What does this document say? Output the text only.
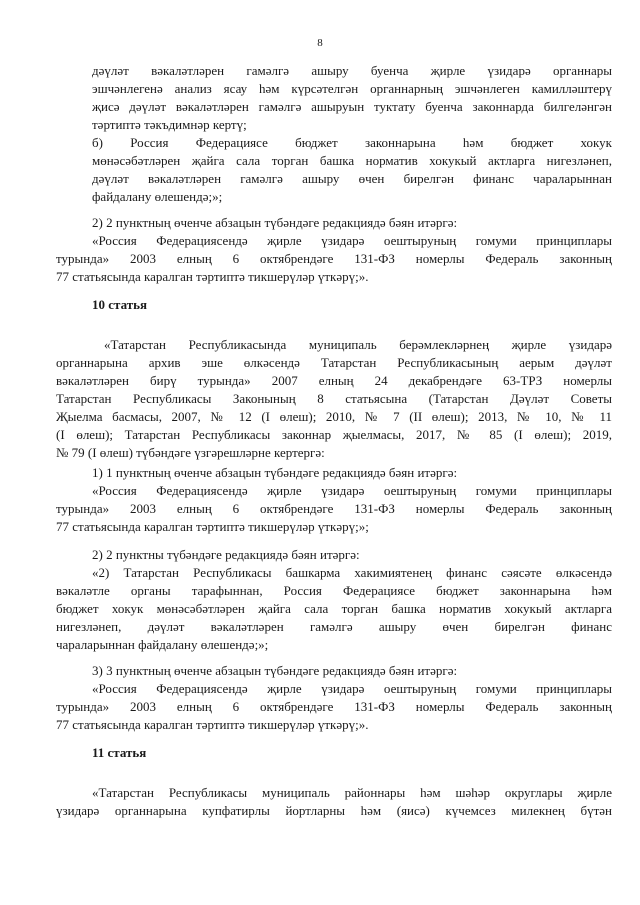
8
дәүләт вәкаләтләрен гамәлгә ашыру буенча җирле үзидарә органнары
эшчәнлегенә анализ ясау һәм күрсәтелгән органнарның эшчәнлеген камилләштерү
җисә дәүләт вәкаләтләрен гамәлгә ашыруын туктату буенча законнарда билгеләнгән
тәртиптә тәкъдимнәр кертү;
б) Россия Федерациясе бюджет законнарына һәм бюджет хокук
мөнәсәбәтләрен җайга сала торган башка норматив хокукый актларга нигезләнеп,
дәүләт вәкаләтләрен гамәлгә ашыру өчен бирелгән финанс чараларыннан
файдалану өлешендә;»;
2) 2 пунктның өченче абзацын түбәндәге редакциядә бәян итәргә:
«Россия Федерациясендә җирле үзидарә оештыруның гомуми принциплары
турында» 2003 елның 6 октябрендәге 131-ФЗ номерлы Федераль законның
77 статьясында каралган тәртиптә тикшерүләр үткәрү;».
10 статья
«Татарстан Республикасында муниципаль берәмлекләрнең җирле үзидарә
органнарына архив эше өлкәсендә Татарстан Республикасының аерым дәүләт
вәкаләтләрен бирү турында» 2007 елның 24 декабрендәге 63-ТРЗ номерлы
Татарстан Республикасы Законының 8 статьясына (Татарстан Дәүләт Советы
Җыелма басмасы, 2007, № 12 (I өлеш); 2010, № 7 (II өлеш); 2013, № 10, № 11
(I өлеш); Татарстан Республикасы законнар җыелмасы, 2017, № 85 (I өлеш); 2019,
№ 79 (I өлеш) түбәндәге үзгәрешләрне кертергә:
1) 1 пунктның өченче абзацын түбәндәге редакциядә бәян итәргә:
«Россия Федерациясендә җирле үзидарә оештыруның гомуми принциплары
турында» 2003 елның 6 октябрендәге 131-ФЗ номерлы Федераль законның
77 статьясында каралган тәртиптә тикшерүләр үткәрү;»;
2) 2 пунктны түбәндәге редакциядә бәян итәргә:
«2) Татарстан Республикасы башкарма хакимиятенең финанс сәясәте өлкәсендә
вәкаләтле органы тарафыннан, Россия Федерациясе бюджет законнарына һәм
бюджет хокук мөнәсәбәтләрен җайга сала торган башка норматив хокукый актларга
нигезләнеп, дәүләт вәкаләтләрен гамәлгә ашыру өчен бирелгән финанс
чараларыннан файдалану өлешендә;»;
3) 3 пунктның өченче абзацын түбәндәге редакциядә бәян итәргә:
«Россия Федерациясендә җирле үзидарә оештыруның гомуми принциплары
турында» 2003 елның 6 октябрендәге 131-ФЗ номерлы Федераль законның
77 статьясында каралган тәртиптә тикшерүләр үткәрү;».
11 статья
«Татарстан Республикасы муниципаль районнары һәм шәһәр округлары җирле
үзидарә органнарына купфатирлы йортларны һәм (яисә) күчемсез милекнең бүтән
